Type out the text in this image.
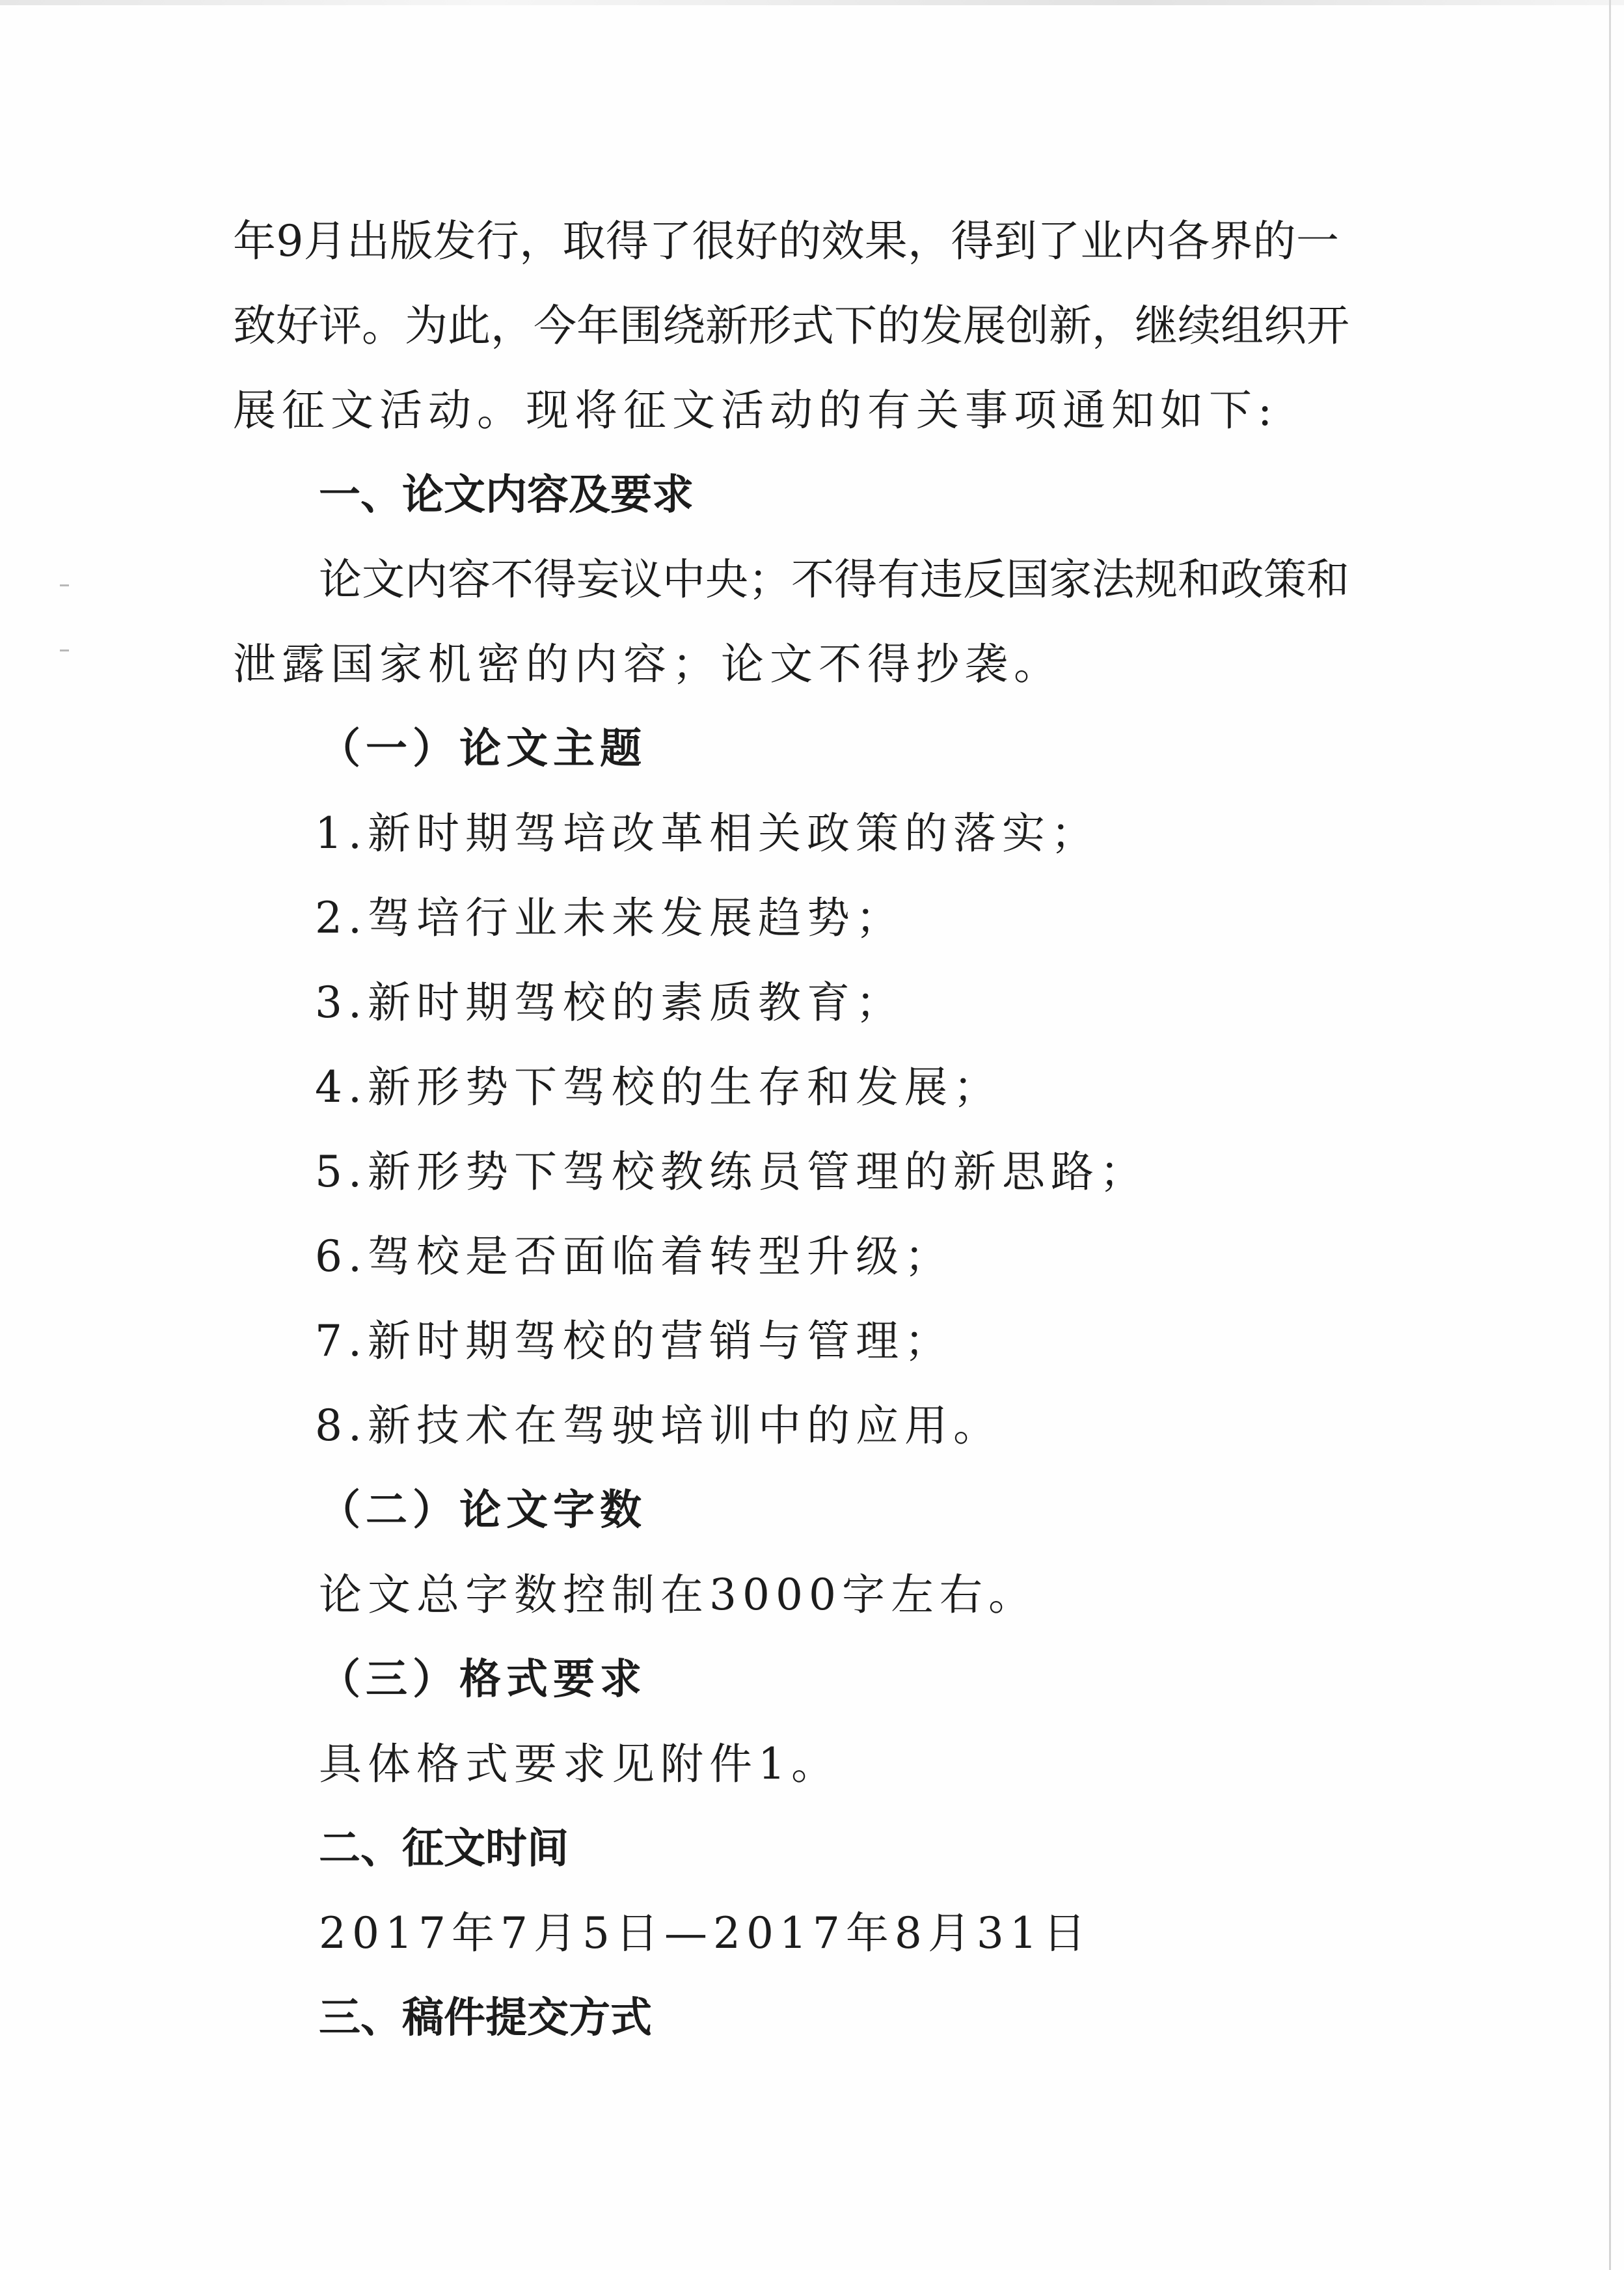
年9月出版发行，取得了很好的效果，得到了业内各界的一
致好评。为此，今年围绕新形式下的发展创新，继续组织开
展征文活动。现将征文活动的有关事项通知如下:
一、论文内容及要求
论文内容不得妄议中央；不得有违反国家法规和政策和
泄露国家机密的内容；论文不得抄袭。
（一）论文主题
1.新时期驾培改革相关政策的落实；
2.驾培行业未来发展趋势；
3.新时期驾校的素质教育；
4.新形势下驾校的生存和发展；
5.新形势下驾校教练员管理的新思路；
6.驾校是否面临着转型升级；
7.新时期驾校的营销与管理；
8.新技术在驾驶培训中的应用。
（二）论文字数
论文总字数控制在3000字左右。
（三）格式要求
具体格式要求见附件1。
二、征文时间
2017年7月5日—2017年8月31日
三、稿件提交方式
